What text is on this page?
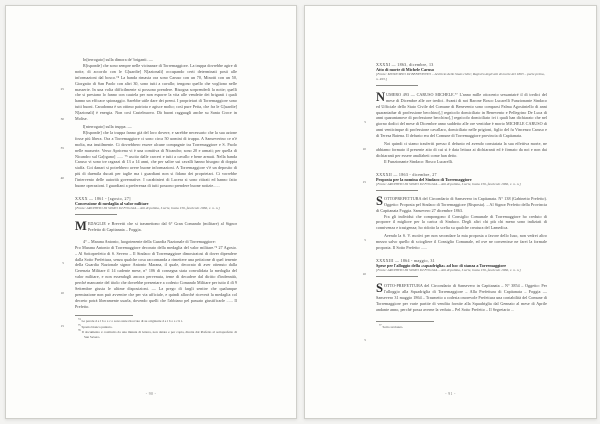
25
30
35
40
5
10
15

In[terrogato] sulla dimora de' briganti. —

R[isponde] che sono sempre nelle vicinanze di Torremaggiore. La truppa dovrebbe agire di notte, di accordo con le G[uardie] N[azionali] occupando certi determinati posti alle informazioni dal bosco.⁷⁴ La banda rimasta ora sono Caruso con un 70, Minotti con un 50, Giorgatto di San Paolo con altri 30, sono tutti a cavallo; tengono quello che vogliono nelle masserie. In una volta difficilmente si possono prendere. Bisogna sorprenderli la notte; quelli che si prestano lo fanno con cautela per non esporre la vita alle vendette dei briganti i quali hanno un efficace spionaggio. Sarebbe utile dare dei premi. I proprietari di Torremaggiore sono tutti buoni. Caradonna è un ottimo patriota e agisce molto; così pure Petta, che fra le G[uardie] N[azionali] è energia. Non così Castelnuovo. Dà buoni ragguagli anche su Santa Croce in Molise.

I[nterrogato] sulla truppa. —

R[isponde] che la truppa fanno già del loro dovere, e sarebbe necessario che la sua azione fosse più libera. Ora a Torremaggiore ci sono circa 50 uomini di truppa. A Sanseverino ce n'è molta, ma inutilmente. Ci dovrebbero essere alcune compagnie tra Torremaggiore e S. Paolo nelle masserie. Verso Apricena vi è una comitiva di Nicandro; sono 20 e armati; per quella di Nicandro sul Ga[rgano] ...... ⁷⁵ uscito dalle carceri e tutti a cavallo e bene armati. Nella banda Caruso vi sono tre ragazzi di 13 a 14 anni, che per salire sui cavalli hanno bisogno di doppia staffa. Coi danari si potrebbero avere buone informazioni. A Torremaggiore v'è un deposito di più di duemila ducati per taglie ma i guardiani non si fidano dei proprietari. Ci vorrebbe l'intervento delle autorità governative. I carabinieri di Lucera si sono ritirati ed hanno fatto buone operazioni. I guardiani a preferenza di tutti possono prendere buone notizie......

XXXX — 1861 - [agosto, 27]
Concessione di medaglia al valor militare
[Fonte: ARCHIVIO DI STATO DI FOGGIA – Atti di polizia, I serie, busta 156, fascicolo 1066, c. n. n.]

MEDAGLIE e Brevetti che si trasmettono dal 6° Gran Comando (militare) al Signor Prefetto di Capitanata – Foggia.

4° – Marana Antonio, luogotenente della Guardia Nazionale di Torremaggiore:

Pro Marana Antonio di Torremaggiore decorato della medaglia del valor militare.⁷⁶ 27 Agosto. – Al Sottoprefetto di S. Severo – Il Sindaco di Torremaggiore dimostratosi di dover dipendere dalla Sotto Prefettura, senza qualche cosa raccomanda a rimettere una petizione di quel tenente della Guardia Nazionale signor Antonio Marana, il quale, decorato di aver ottenuto dalla Gerenzia Militare il 14 cadente mese, n° 106 di consegna stata convalidata la medaglia del valor militare, e non essendogli ancora pervenuta, teme di decadere dal diritto d'indennità, perché mancante del titolo che dovrebbe presentare a codesto Comando Militare per tutto il dì 9 Settembre giusta le ultime disposizioni. — La prego di fargli sentire che qualunque premiazione non può avvenire che per via ufficiale, e quindi allorché riceverà la medaglia col decreto potrà liberamente usarla, dovendo quelli che l'abbiano pel passato giustificarle ...... Il Prefetto.

$^{74}$ Le parole d e l b o s c o sono state ritoccate di su originarie d e i b o s c h i.

$^{75}$ Spazio bianco puntato.

$^{76}$ Il documento è costituito da una minuta di lettera, non datata e per copia, diretta dal Prefetto al sottoprefetto di San Severo.

- 90 -
5
10
15
5
10
5
XXXXI — 1863, dicembre, 13
Atto di morte di Michele Caruso
[Fonte: MUNICIPIO DI BENEVENTO – Archivio dello Stato civile; Registro degli atti di morte del 1863 – parte prima, n. 493.]

NUMERO 493 — CARUSO MICHELE.⁷⁷ L'anno mille ottocento sessantatré il dì tredici del mese di Dicembre alle ore tredici. Avanti di noi Barone Bosco Lucarelli Funzionante Sindaco ed Ufficiale dello Stato Civile del Comune di Benevento sono comparsi Palma Agostiniello di anni quarantadue di professione becchino[,] regnicolo domiciliato in Benevento e Pellegrino De Luca di anni quarantanove di professione becchino[,] regnicolo domiciliato ivi i quali han dichiarato che nel giorno dodici del mese di Dicembre anno suddetto alle ore ventidue è morto MICHELE CARUSO di anni venticinque di professione cavallaro, domiciliato nelle prigioni, figlio del fu Vincenzo Caruso e di Teresa Batena. Il defunto era del Comune di Torremaggiore provincia di Capitanata.

Noi quindi ci siamo trasferiti presso il defunto ed avendo constatata la sua effettiva morte, ne abbiamo formato il presente atto di cui si è data lettura ai dichiaranti ed è firmato da noi e non dai dichiaranti per essere analfabeti come han detto.

Il Funzionante Sindaco: Bosco Lucarelli.

XXXXII — 1863 - dicembre, 27
Proposta per la nomina del Sindaco di Torremaggiore
[Fonte: ARCHIVIO DI STATO DI FOGGIA – Atti di polizia, I serie, busta 156, fascicolo 1066, c. n. n.]

SOTTOPREFETTURA del Circondario di Sansevero in Capitanata. N° 138 (Gabinetto Prefetto). Oggetto: Proposta pel Sindaco di Torremaggiore (Risposta). – Al Signor Prefetto della Provincia di Capitanata Foggia. Sansevero 27 dicembre 1863.

Fra gli individui che compongono il Consiglio Comunale di Torremaggiore ho creduto di proporre il migliore per la carica di Sindaco. Degli altri chi più chi meno sono indiziati di connivenza e trasigenza; ho ridotto la scelta su qualche creatura del Lamedica.

Avendo la S. V. motivi per non secondare la mia proposta a favore dello Iuso, non vedrei altro mezzo salvo quello di sciogliere il Consiglio Comunale, ed ove ne convenisse ne farei la formale proposta. Il Sotto Prefetto ......

XXXXIII — 1864 - maggio, 31
Spese per l'alloggio della «squadriglia» ad hoc di stanza a Torremaggiore
[Fonte: ARCHIVIO DI STATO DI FOGGIA – Atti di polizia, I serie, busta 156, fascicolo 1066, c. n. n.]

SOTTO-PREFETTURA del Circondario di Sansevero in Capitanata – N° 3854 – Oggetto: Per l'alloggio alla Squadriglia di Torremaggiore – Alla Prefettura di Capitanata – Foggia — Sansevero 31 maggio 1864 – Trasmetto a codesta onorevole Prefettura una contabilità del Comune di Torremaggiore per varie partite di vendita fornite alla Squadriglia dal Gennaio al mese di Aprile andante anno, perché possa averne la veduta – Pel Sotto Prefetto – Il Segretario ...

$^{77}$ Sotto svolazzo.

- 91 -
